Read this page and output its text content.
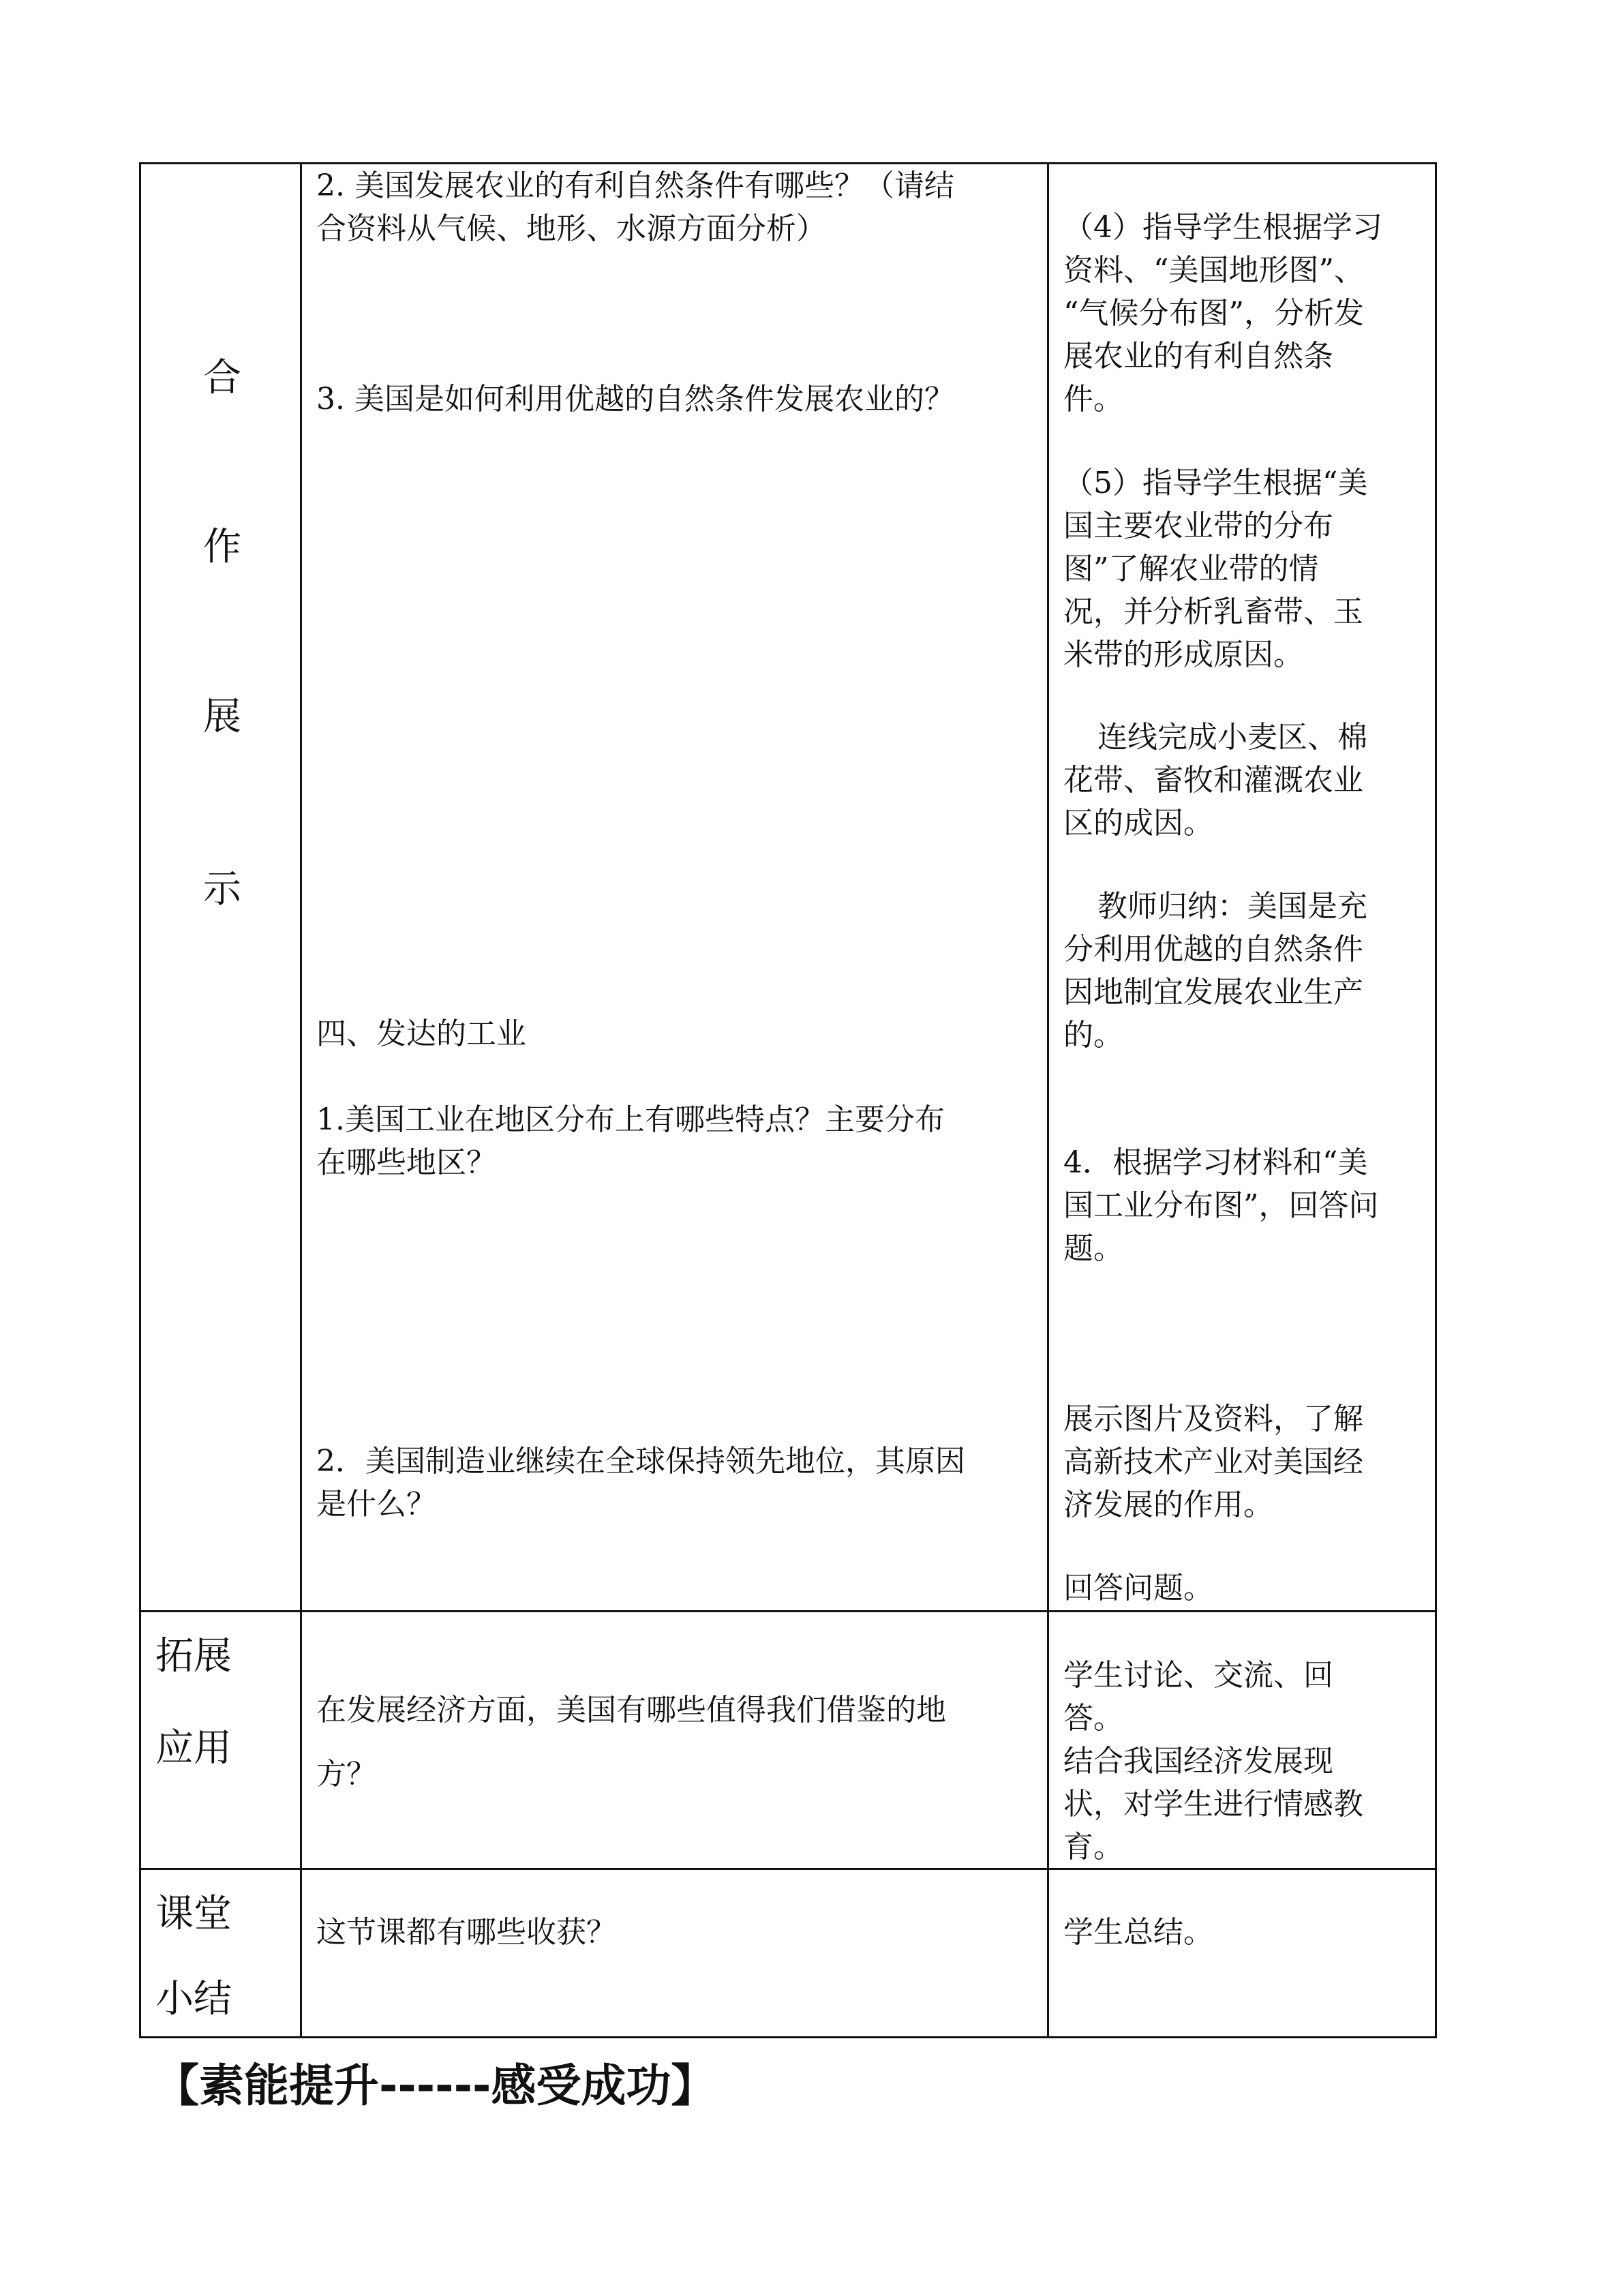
合
作
展
示
2. 美国发展农业的有利自然条件有哪些？（请结
合资料从气候、地形、水源方面分析）
3. 美国是如何利用优越的自然条件发展农业的？
四、发达的工业
1.美国工业在地区分布上有哪些特点？主要分布
在哪些地区？
2．美国制造业继续在全球保持领先地位，其原因
是什么？
（4）指导学生根据学习
资料、“美国地形图”、
“气候分布图”，分析发
展农业的有利自然条
件。
（5）指导学生根据“美
国主要农业带的分布
图”了解农业带的情
况，并分析乳畜带、玉
米带的形成原因。
连线完成小麦区、棉
花带、畜牧和灌溉农业
区的成因。
教师归纳：美国是充
分利用优越的自然条件
因地制宜发展农业生产
的。
4．根据学习材料和“美
国工业分布图”，回答问
题。
展示图片及资料，了解
高新技术产业对美国经
济发展的作用。
回答问题。
拓展
应用
在发展经济方面，美国有哪些值得我们借鉴的地
方？
学生讨论、交流、回
答。
结合我国经济发展现
状，对学生进行情感教
育。
课堂
小结
这节课都有哪些收获？	学生总结。
【素能提升------感受成功】
